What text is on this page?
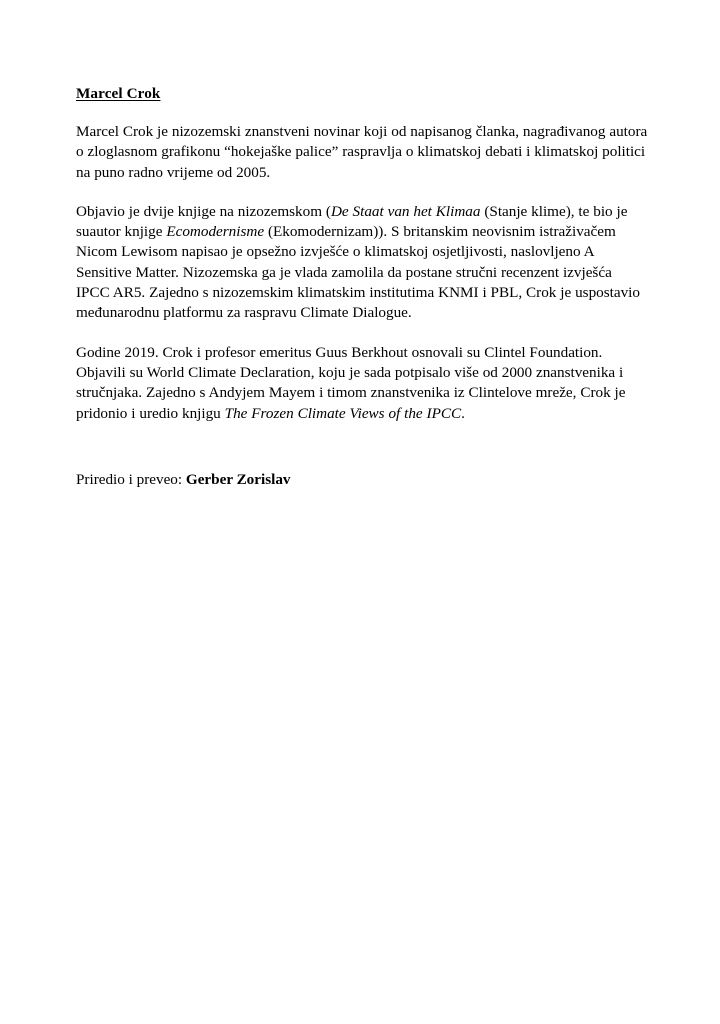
Marcel Crok

Marcel Crok je nizozemski znanstveni novinar koji od napisanog članka, nagrađivanog autora o zloglasnom grafikonu “hokejaške palice” raspravlja o klimatskoj debati i klimatskoj politici na puno radno vrijeme od 2005.

Objavio je dvije knjige na nizozemskom (De Staat van het Klimaa (Stanje klime), te bio je suautor knjige Ecomodernisme (Ekomodernizam)). S britanskim neovisnim istraživačem Nicom Lewisom napisao je opsežno izvješće o klimatskoj osjetljivosti, naslovljeno A Sensitive Matter. Nizozemska ga je vlada zamolila da postane stručni recenzent izvješća IPCC AR5. Zajedno s nizozemskim klimatskim institutima KNMI i PBL, Crok je uspostavio međunarodnu platformu za raspravu Climate Dialogue.

Godine 2019. Crok i profesor emeritus Guus Berkhout osnovali su Clintel Foundation. Objavili su World Climate Declaration, koju je sada potpisalo više od 2000 znanstvenika i stručnjaka. Zajedno s Andyjem Mayem i timom znanstvenika iz Clintelove mreže, Crok je pridonio i uredio knjigu The Frozen Climate Views of the IPCC.

Priredio i preveo: Gerber Zorislav
